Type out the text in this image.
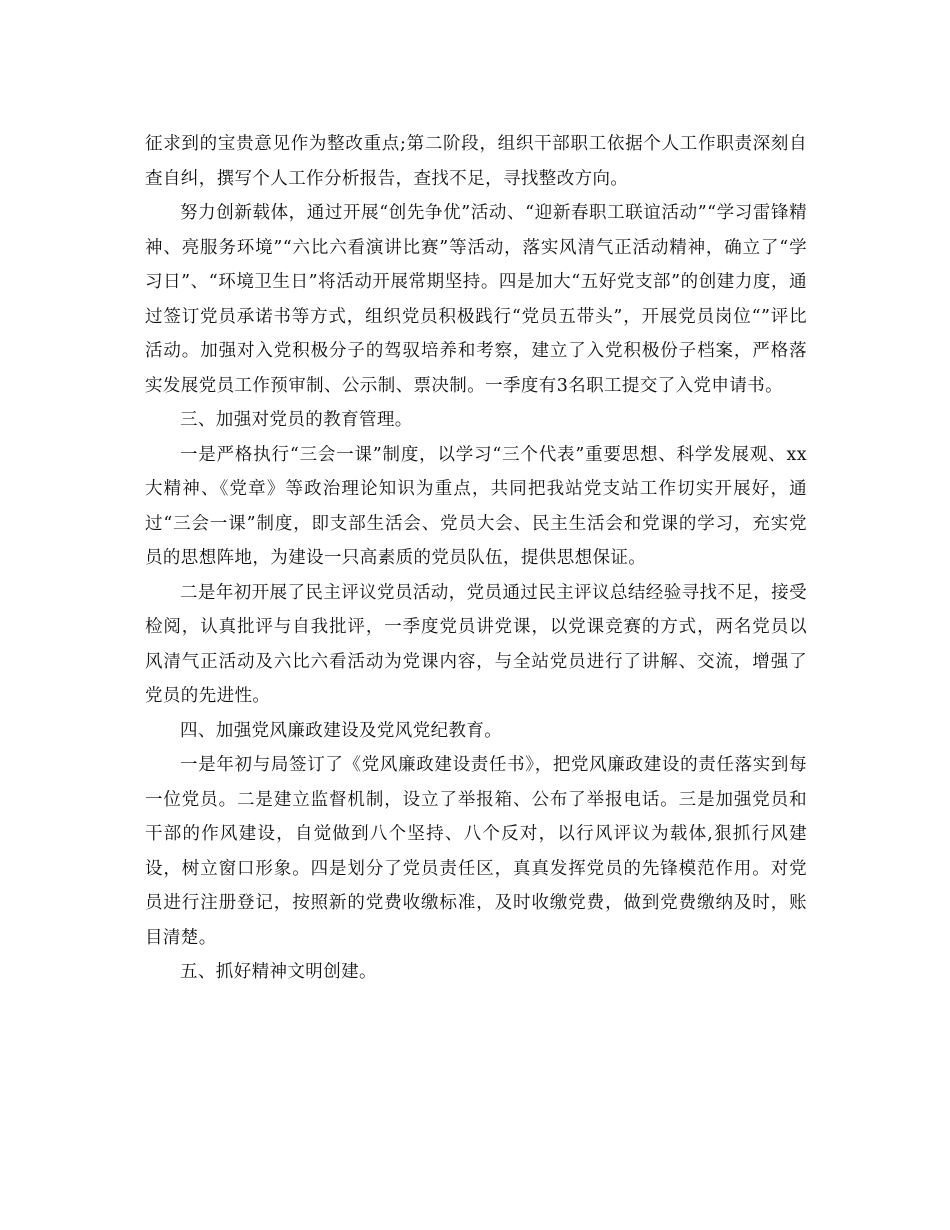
征求到的宝贵意见作为整改重点;第二阶段，组织干部职工依据个人工作职责深刻自查自纠，撰写个人工作分析报告，查找不足，寻找整改方向。

努力创新载体，通过开展“创先争优”活动、“迎新春职工联谊活动”“学习雷锋精神、亮服务环境”“六比六看演讲比赛”等活动，落实风清气正活动精神，确立了“学习日”、“环境卫生日”将活动开展常期坚持。四是加大“五好党支部”的创建力度，通过签订党员承诺书等方式，组织党员积极践行“党员五带头”，开展党员岗位“”评比活动。加强对入党积极分子的驾驭培养和考察，建立了入党积极份子档案，严格落实发展党员工作预审制、公示制、票决制。一季度有3名职工提交了入党申请书。

三、加强对党员的教育管理。

一是严格执行“三会一课”制度，以学习“三个代表”重要思想、科学发展观、xx大精神、《党章》等政治理论知识为重点，共同把我站党支站工作切实开展好，通过“三会一课”制度，即支部生活会、党员大会、民主生活会和党课的学习，充实党员的思想阵地，为建设一只高素质的党员队伍，提供思想保证。

二是年初开展了民主评议党员活动，党员通过民主评议总结经验寻找不足，接受检阅，认真批评与自我批评，一季度党员讲党课，以党课竞赛的方式，两名党员以风清气正活动及六比六看活动为党课内容，与全站党员进行了讲解、交流，增强了党员的先进性。

四、加强党风廉政建设及党风党纪教育。

一是年初与局签订了《党风廉政建设责任书》，把党风廉政建设的责任落实到每一位党员。二是建立监督机制，设立了举报箱、公布了举报电话。三是加强党员和干部的作风建设，自觉做到八个坚持、八个反对，以行风评议为载体,狠抓行风建设，树立窗口形象。四是划分了党员责任区，真真发挥党员的先锋模范作用。对党员进行注册登记，按照新的党费收缴标准，及时收缴党费，做到党费缴纳及时，账目清楚。

五、抓好精神文明创建。
